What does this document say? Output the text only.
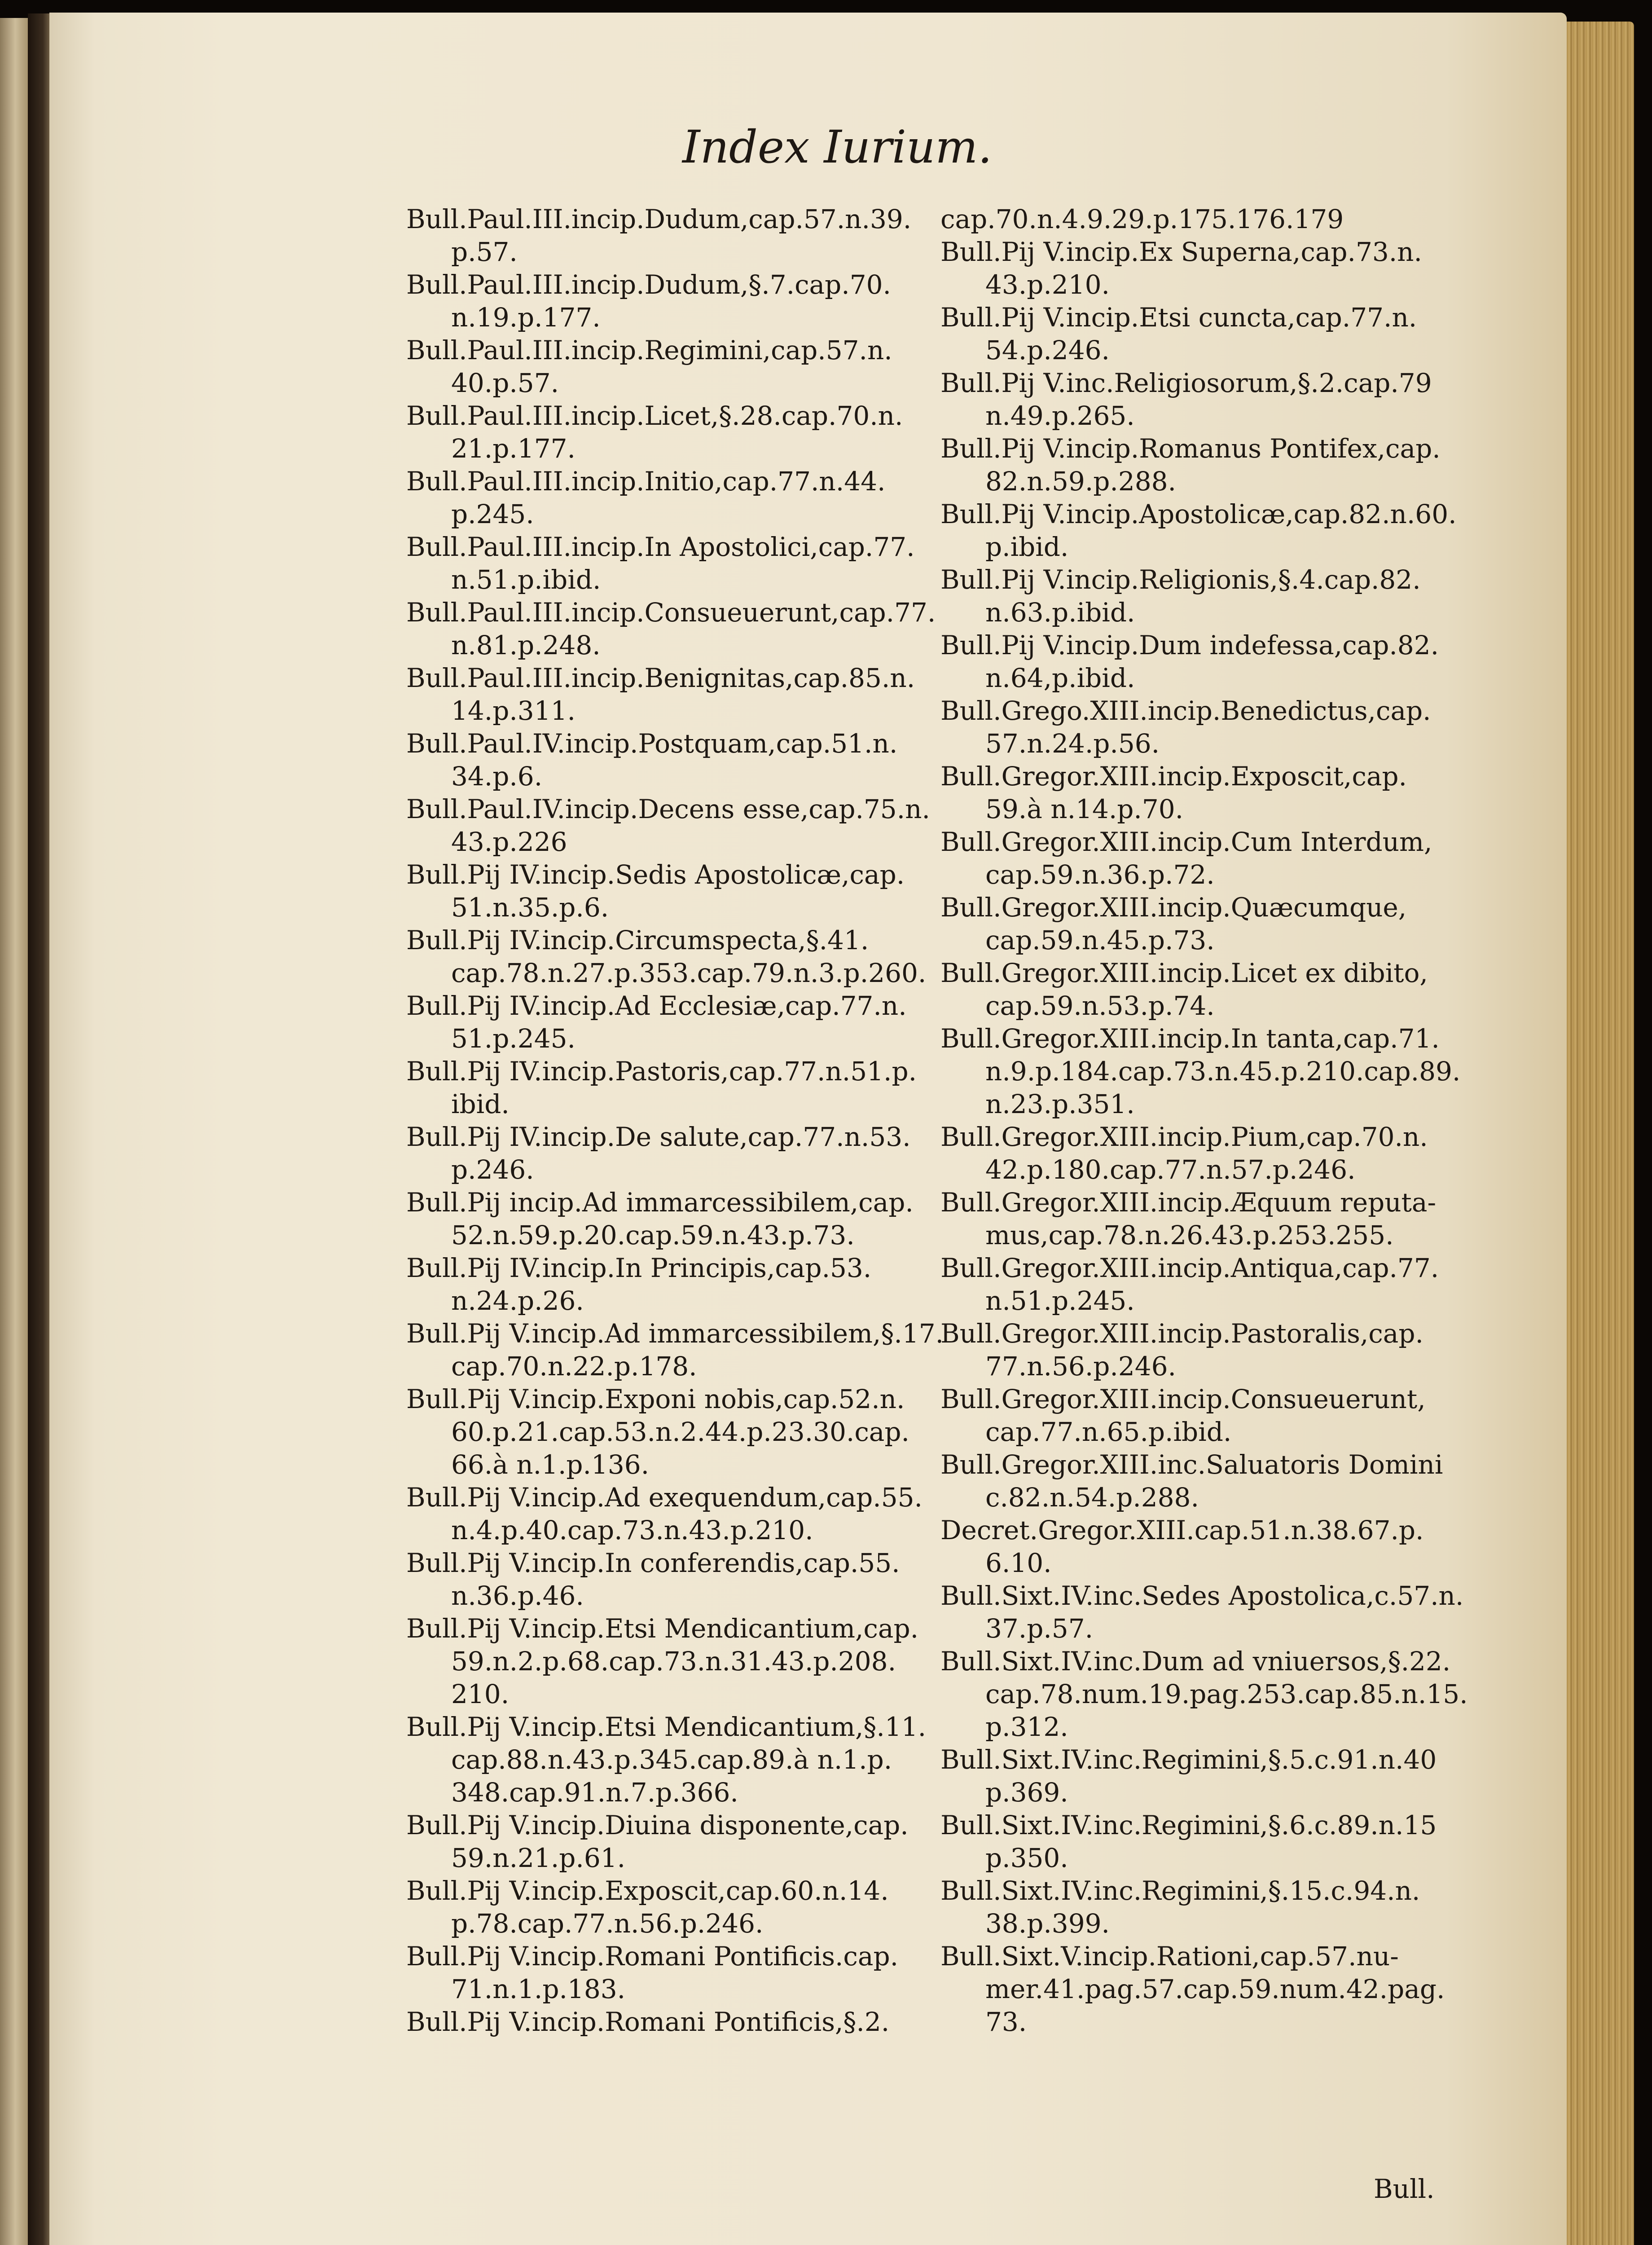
Index Iurium.
Bull.Paul.III.incip.Dudum,cap.57.n.39.
p.57.
Bull.Paul.III.incip.Dudum,§.7.cap.70.
n.19.p.177.
Bull.Paul.III.incip.Regimini,cap.57.n.
40.p.57.
Bull.Paul.III.incip.Licet,§.28.cap.70.n.
21.p.177.
Bull.Paul.III.incip.Initio,cap.77.n.44.
p.245.
Bull.Paul.III.incip.In Apostolici,cap.77.
n.51.p.ibid.
Bull.Paul.III.incip.Consueuerunt,cap.77.
n.81.p.248.
Bull.Paul.III.incip.Benignitas,cap.85.n.
14.p.311.
Bull.Paul.IV.incip.Postquam,cap.51.n.
34.p.6.
Bull.Paul.IV.incip.Decens esse,cap.75.n.
43.p.226
Bull.Pij IV.incip.Sedis Apostolicæ,cap.
51.n.35.p.6.
Bull.Pij IV.incip.Circumspecta,§.41.
cap.78.n.27.p.353.cap.79.n.3.p.260.
Bull.Pij IV.incip.Ad Ecclesiæ,cap.77.n.
51.p.245.
Bull.Pij IV.incip.Pastoris,cap.77.n.51.p.
ibid.
Bull.Pij IV.incip.De salute,cap.77.n.53.
p.246.
Bull.Pij incip.Ad immarcessibilem,cap.
52.n.59.p.20.cap.59.n.43.p.73.
Bull.Pij IV.incip.In Principis,cap.53.
n.24.p.26.
Bull.Pij V.incip.Ad immarcessibilem,§.17.
cap.70.n.22.p.178.
Bull.Pij V.incip.Exponi nobis,cap.52.n.
60.p.21.cap.53.n.2.44.p.23.30.cap.
66.à n.1.p.136.
Bull.Pij V.incip.Ad exequendum,cap.55.
n.4.p.40.cap.73.n.43.p.210.
Bull.Pij V.incip.In conferendis,cap.55.
n.36.p.46.
Bull.Pij V.incip.Etsi Mendicantium,cap.
59.n.2.p.68.cap.73.n.31.43.p.208.
210.
Bull.Pij V.incip.Etsi Mendicantium,§.11.
cap.88.n.43.p.345.cap.89.à n.1.p.
348.cap.91.n.7.p.366.
Bull.Pij V.incip.Diuina disponente,cap.
59.n.21.p.61.
Bull.Pij V.incip.Exposcit,cap.60.n.14.
p.78.cap.77.n.56.p.246.
Bull.Pij V.incip.Romani Pontificis.cap.
71.n.1.p.183.
Bull.Pij V.incip.Romani Pontificis,§.2.
cap.70.n.4.9.29.p.175.176.179
Bull.Pij V.incip.Ex Superna,cap.73.n.
43.p.210.
Bull.Pij V.incip.Etsi cuncta,cap.77.n.
54.p.246.
Bull.Pij V.inc.Religiosorum,§.2.cap.79
n.49.p.265.
Bull.Pij V.incip.Romanus Pontifex,cap.
82.n.59.p.288.
Bull.Pij V.incip.Apostolicæ,cap.82.n.60.
p.ibid.
Bull.Pij V.incip.Religionis,§.4.cap.82.
n.63.p.ibid.
Bull.Pij V.incip.Dum indefessa,cap.82.
n.64,p.ibid.
Bull.Grego.XIII.incip.Benedictus,cap.
57.n.24.p.56.
Bull.Gregor.XIII.incip.Exposcit,cap.
59.à n.14.p.70.
Bull.Gregor.XIII.incip.Cum Interdum,
cap.59.n.36.p.72.
Bull.Gregor.XIII.incip.Quæcumque,
cap.59.n.45.p.73.
Bull.Gregor.XIII.incip.Licet ex dibito,
cap.59.n.53.p.74.
Bull.Gregor.XIII.incip.In tanta,cap.71.
n.9.p.184.cap.73.n.45.p.210.cap.89.
n.23.p.351.
Bull.Gregor.XIII.incip.Pium,cap.70.n.
42.p.180.cap.77.n.57.p.246.
Bull.Gregor.XIII.incip.Æquum reputa-
mus,cap.78.n.26.43.p.253.255.
Bull.Gregor.XIII.incip.Antiqua,cap.77.
n.51.p.245.
Bull.Gregor.XIII.incip.Pastoralis,cap.
77.n.56.p.246.
Bull.Gregor.XIII.incip.Consueuerunt,
cap.77.n.65.p.ibid.
Bull.Gregor.XIII.inc.Saluatoris Domini
c.82.n.54.p.288.
Decret.Gregor.XIII.cap.51.n.38.67.p.
6.10.
Bull.Sixt.IV.inc.Sedes Apostolica,c.57.n.
37.p.57.
Bull.Sixt.IV.inc.Dum ad vniuersos,§.22.
cap.78.num.19.pag.253.cap.85.n.15.
p.312.
Bull.Sixt.IV.inc.Regimini,§.5.c.91.n.40
p.369.
Bull.Sixt.IV.inc.Regimini,§.6.c.89.n.15
p.350.
Bull.Sixt.IV.inc.Regimini,§.15.c.94.n.
38.p.399.
Bull.Sixt.V.incip.Rationi,cap.57.nu-
mer.41.pag.57.cap.59.num.42.pag.
73.
Bull.
